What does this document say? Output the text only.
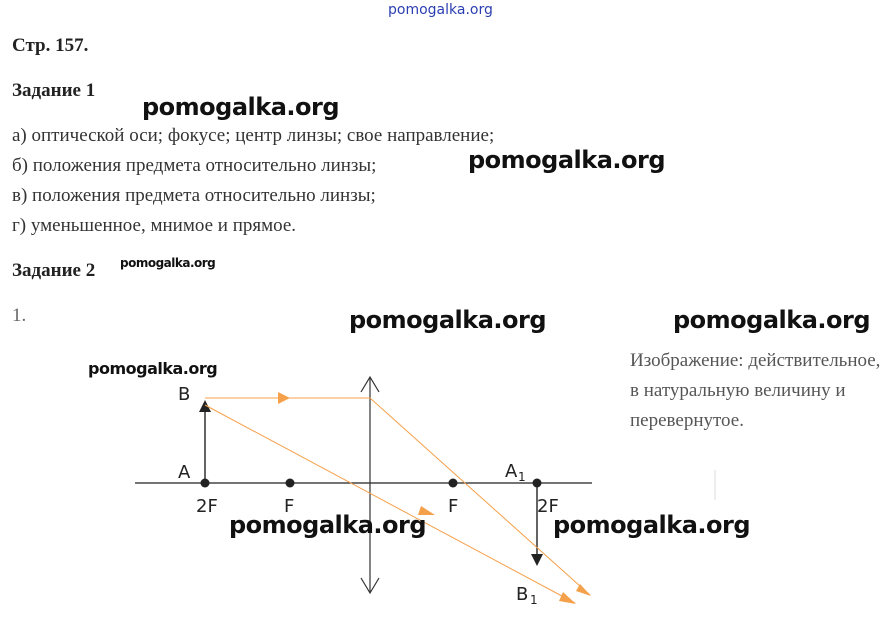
pomogalka.org
Стр. 157.
Задание 1
а) оптической оси; фокусе; центр линзы; свое направление;
б) положения предмета относительно линзы;
в) положения предмета относительно линзы;
г) уменьшенное, мнимое и прямое.
Задание 2
1.
Изображение: действительное, в натуральную величину и перевернутое.
B
A
2F	F	F
A 1
2F
B 1
pomogalka.org
pomogalka.org
pomogalka.org
pomogalka.org	pomogalka.org
pomogalka.org
pomogalka.org	pomogalka.org
